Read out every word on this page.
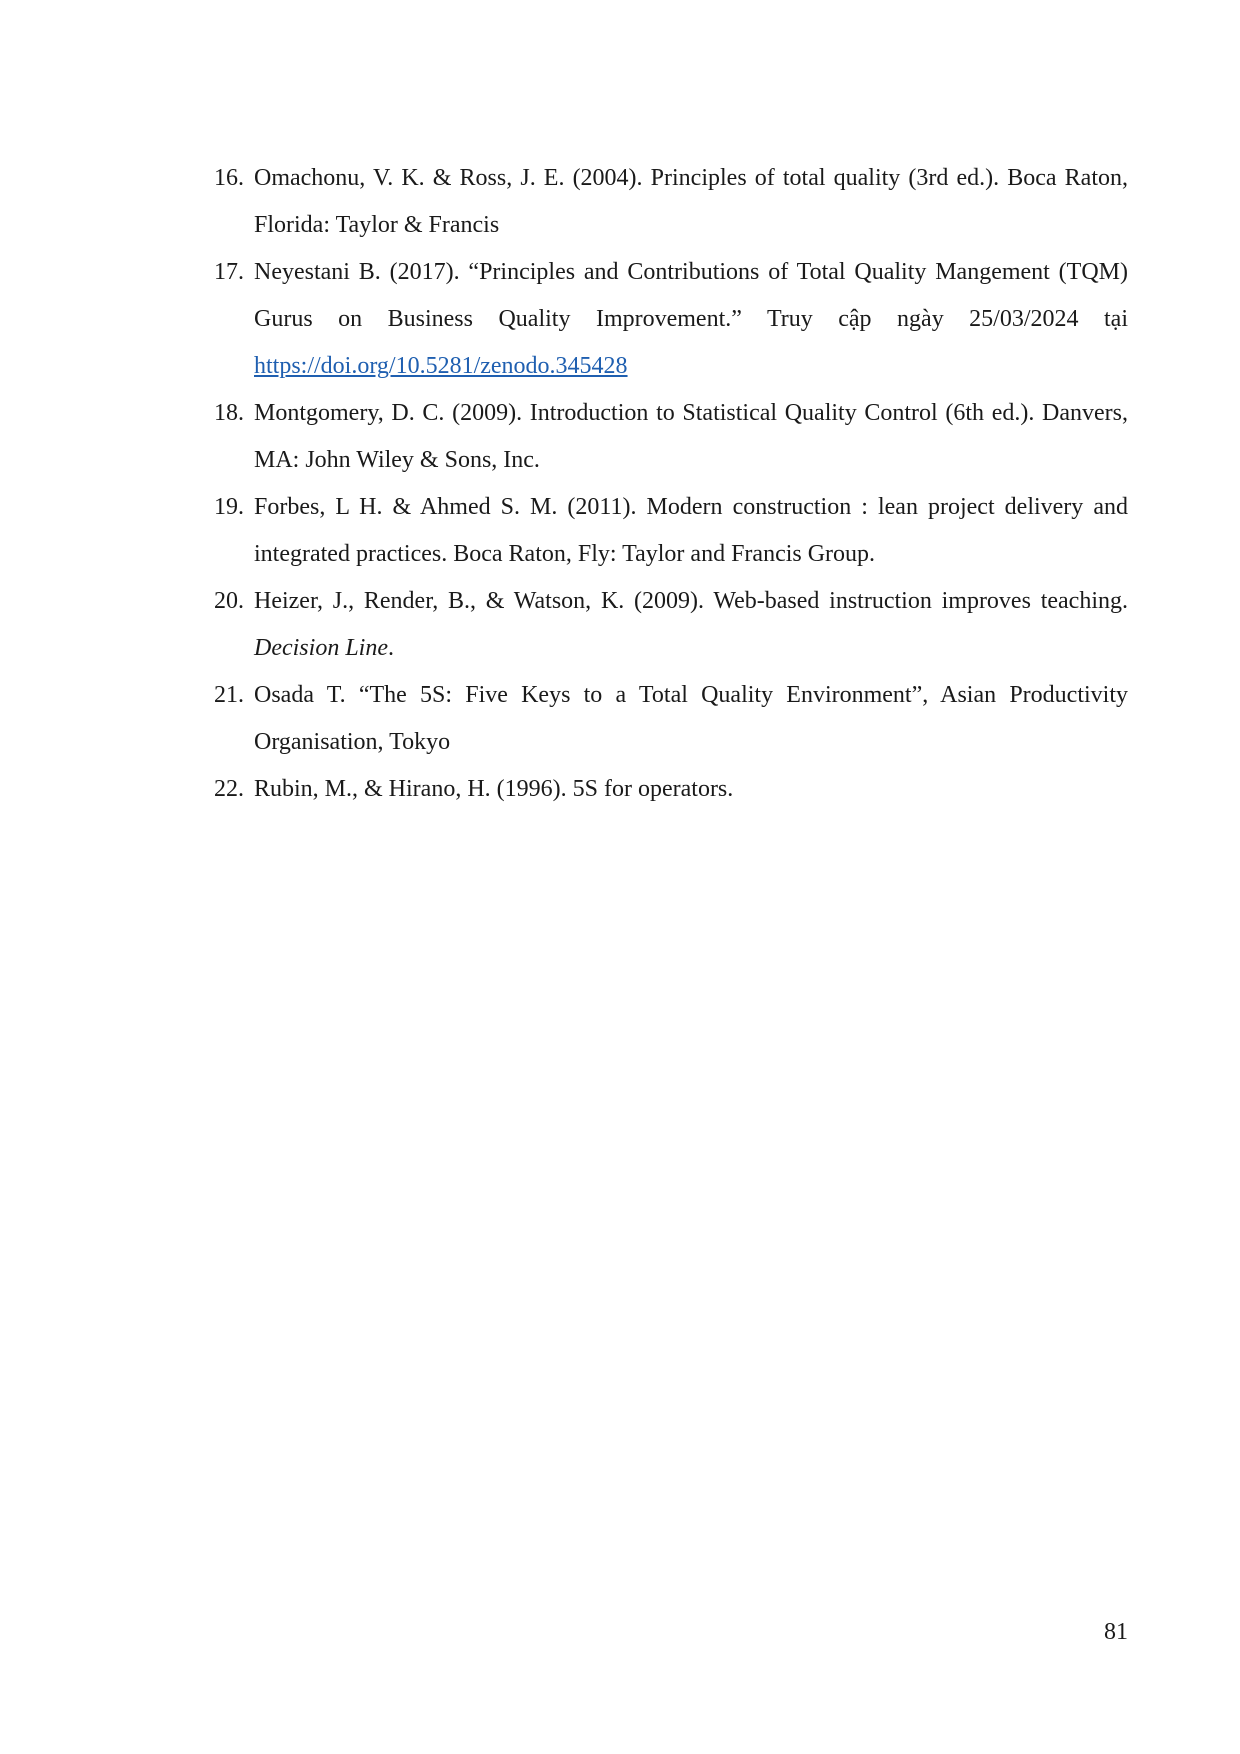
16. Omachonu, V. K. & Ross, J. E. (2004). Principles of total quality (3rd ed.). Boca Raton, Florida: Taylor & Francis
17. Neyestani B. (2017). “Principles and Contributions of Total Quality Mangement (TQM) Gurus on Business Quality Improvement.” Truy cập ngày 25/03/2024 tại https://doi.org/10.5281/zenodo.345428
18. Montgomery, D. C. (2009). Introduction to Statistical Quality Control (6th ed.). Danvers, MA: John Wiley & Sons, Inc.
19. Forbes, L H. & Ahmed S. M. (2011). Modern construction : lean project delivery and integrated practices. Boca Raton, Fly: Taylor and Francis Group.
20. Heizer, J., Render, B., & Watson, K. (2009). Web-based instruction improves teaching. Decision Line.
21. Osada T. “The 5S: Five Keys to a Total Quality Environment”, Asian Productivity Organisation, Tokyo
22. Rubin, M., & Hirano, H. (1996). 5S for operators.
81
